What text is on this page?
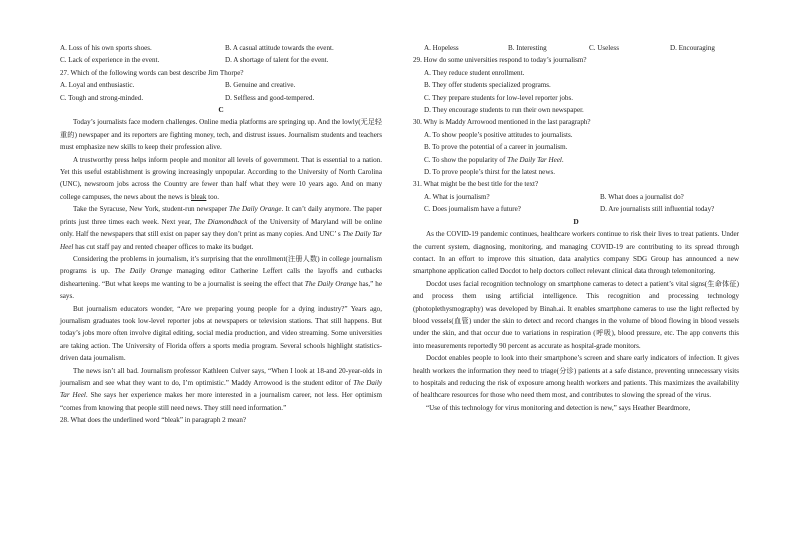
A. Loss of his own sports shoes.	B. A casual attitude towards the event.
C. Lack of experience in the event.	D. A shortage of talent for the event.
27. Which of the following words can best describe Jim Thorpe?
A. Loyal and enthusiastic.	B. Genuine and creative.
C. Tough and strong-minded.	D. Selfless and good-tempered.
C

Today’s journalists face modern challenges. Online media platforms are springing up. And the lowly(无足轻重的) newspaper and its reporters are fighting money, tech, and distrust issues. Journalism students and teachers must emphasize new skills to keep their profession alive.

A trustworthy press helps inform people and monitor all levels of government. That is essential to a nation. Yet this useful establishment is growing increasingly unpopular. According to the University of North Carolina (UNC), newsroom jobs across the Country are fewer than half what they were 10 years ago. And on many college campuses, the news about the news is bleak too.

Take the Syracuse, New York, student-run newspaper The Daily Orange. It can’t daily anymore. The paper prints just three times each week. Next year, The Diamondback of the University of Maryland will be online only. Half the newspapers that still exist on paper say they don’t print as many copies. And UNC’ s The Daily Tar Heel has cut staff pay and rented cheaper offices to make its budget.

Considering the problems in journalism, it’s surprising that the enrollment(注册人数) in college journalism programs is up. The Daily Orange managing editor Catherine Leffert calls the layoffs and cutbacks disheartening. “But what keeps me wanting to be a journalist is seeing the effect that The Daily Orange has,” he says.

But journalism educators wonder, “Are we preparing young people for a dying industry?” Years ago, journalism graduates took low-level reporter jobs at newspapers or television stations. That still happens. But today’s jobs more often involve digital editing, social media production, and video streaming. Some universities are taking action. The University of Florida offers a sports media program. Several schools highlight statistics-driven data journalism.

The news isn’t all bad. Journalism professor Kathleen Culver says, “When I look at 18-and 20-year-olds in journalism and see what they want to do, I’m optimistic.” Maddy Arrowood is the student editor of The Daily Tar Heel. She says her experience makes her more interested in a journalism career, not less. Her optimism “comes from knowing that people still need news. They still need information.”

28. What does the underlined word “bleak” in paragraph 2 mean?
A. Hopeless	B. Interesting	C. Useless	D. Encouraging
29. How do some universities respond to today’s journalism?
A. They reduce student enrollment.
B. They offer students specialized programs.
C. They prepare students for low-level reporter jobs.
D. They encourage students to run their own newspaper.
30. Why is Maddy Arrowood mentioned in the last paragraph?
A. To show people’s positive attitudes to journalists.
B. To prove the potential of a career in journalism.
C. To show the popularity of The Daily Tar Heel.
D. To prove people’s thirst for the latest news.
31. What might be the best title for the text?
A. What is journalism?	B. What does a journalist do?
C. Does journalism have a future?	D. Are journalists still influential today?
D

As the COVID-19 pandemic continues, healthcare workers continue to risk their lives to treat patients. Under the current system, diagnosing, monitoring, and managing COVID-19 are contributing to its spread through contact. In an effort to improve this situation, data analytics company SDG Group has announced a new smartphone application called Docdot to help doctors collect relevant clinical data through telemonitoring.

Docdot uses facial recognition technology on smartphone cameras to detect a patient’s vital signs(生命体征) and process them using artificial intelligence. This recognition and processing technology (photoplethysmography) was developed by Binah.ai. It enables smartphone cameras to use the light reflected by blood vessels(血管) under the skin to detect and record changes in the volume of blood flowing in blood vessels under the skin, and that occur due to variations in respiration (呼吸), blood pressure, etc. The app converts this into measurements reportedly 90 percent as accurate as hospital-grade monitors.

Docdot enables people to look into their smartphone’s screen and share early indicators of infection. It gives health workers the information they need to triage(分诊) patients at a safe distance, preventing unnecessary visits to hospitals and reducing the risk of exposure among health workers and patients. This maximizes the availability of healthcare resources for those who need them most, and contributes to slowing the spread of the virus.

“Use of this technology for virus monitoring and detection is new,” says Heather Beardmore,
